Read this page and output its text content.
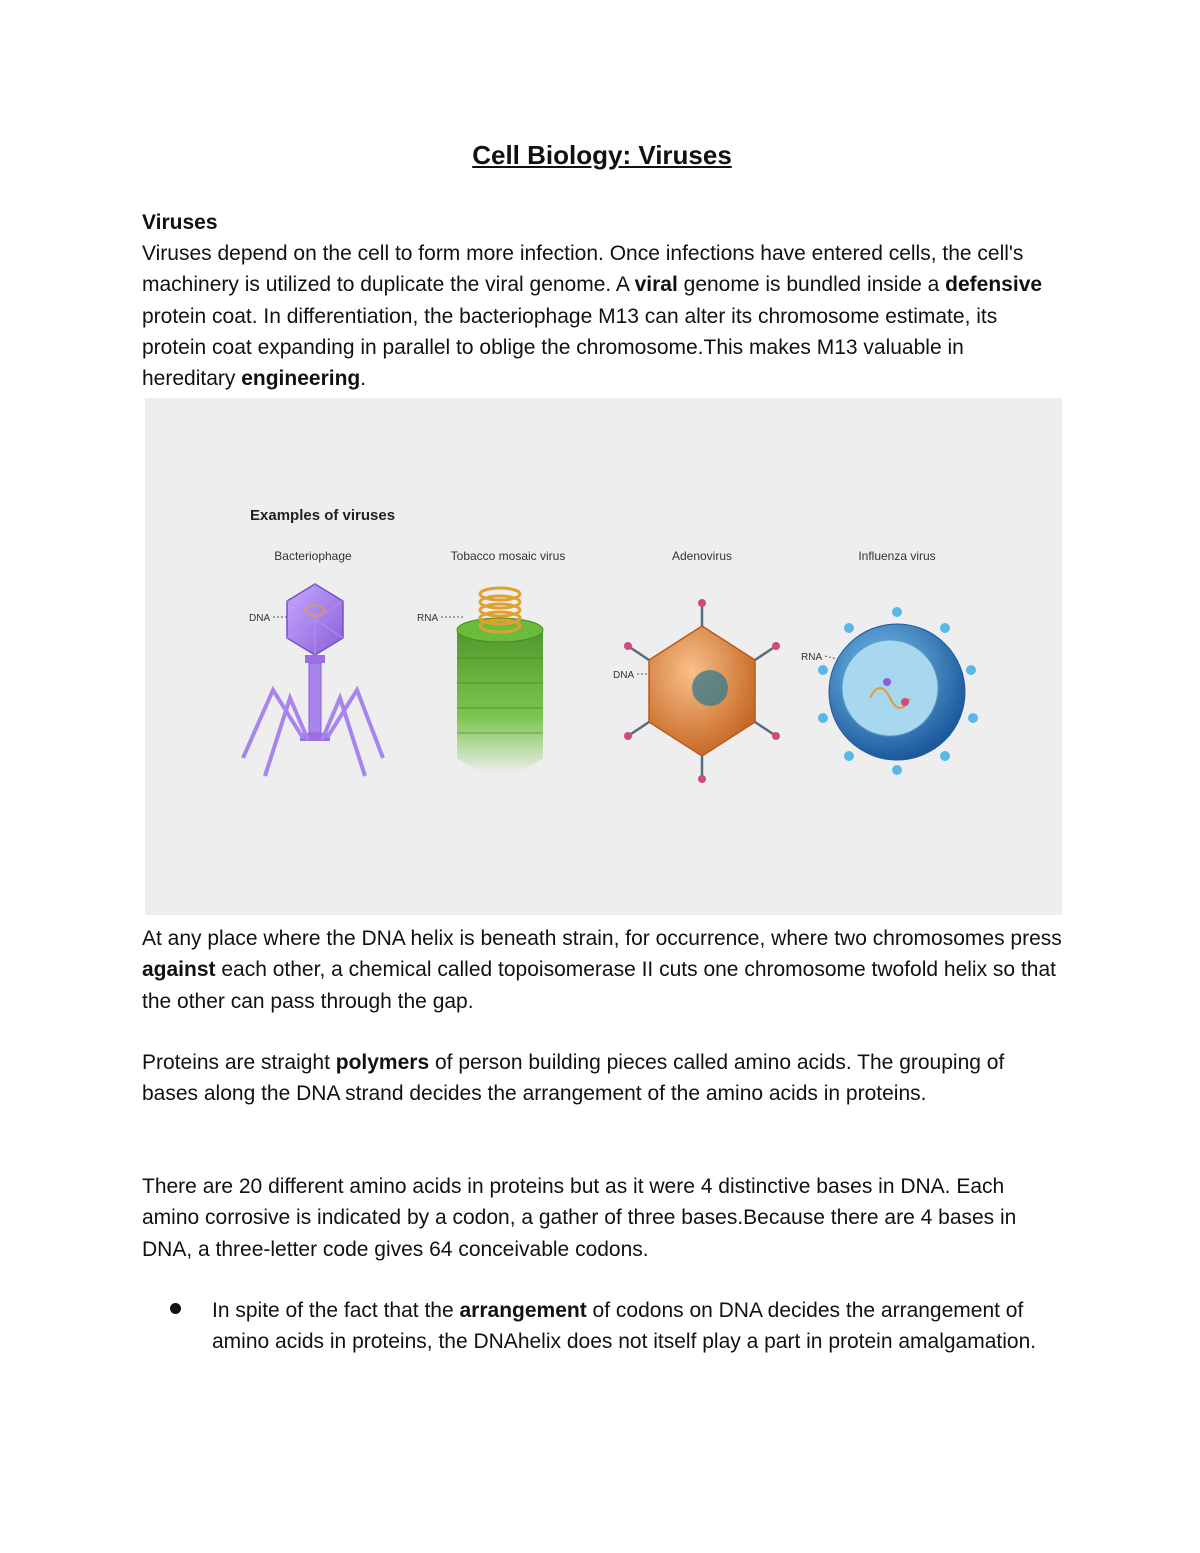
Cell Biology: Viruses

Viruses

Viruses depend on the cell to form more infection. Once infections have entered cells, the cell's machinery is utilized to duplicate the viral genome. A viral genome is bundled inside a defensive protein coat. In differentiation, the bacteriophage M13 can alter its chromosome estimate, its protein coat expanding in parallel to oblige the chromosome.This makes M13 valuable in hereditary engineering.

Examples of viruses
Bacteriophage	Tobacco mosaic virus	Adenovirus	Influenza virus
DNA	RNA
DNA
RNA

At any place where the DNA helix is beneath strain, for occurrence, where two chromosomes press against each other, a chemical called topoisomerase II cuts one chromosome twofold helix so that the other can pass through the gap.

Proteins are straight polymers of person building pieces called amino acids. The grouping of bases along the DNA strand decides the arrangement of the amino acids in proteins.

There are 20 different amino acids in proteins but as it were 4 distinctive bases in DNA. Each amino corrosive is indicated by a codon, a gather of three bases.Because there are 4 bases in DNA, a three-letter code gives 64 conceivable codons.

In spite of the fact that the arrangement of codons on DNA decides the arrangement of amino acids in proteins, the DNAhelix does not itself play a part in protein amalgamation.
